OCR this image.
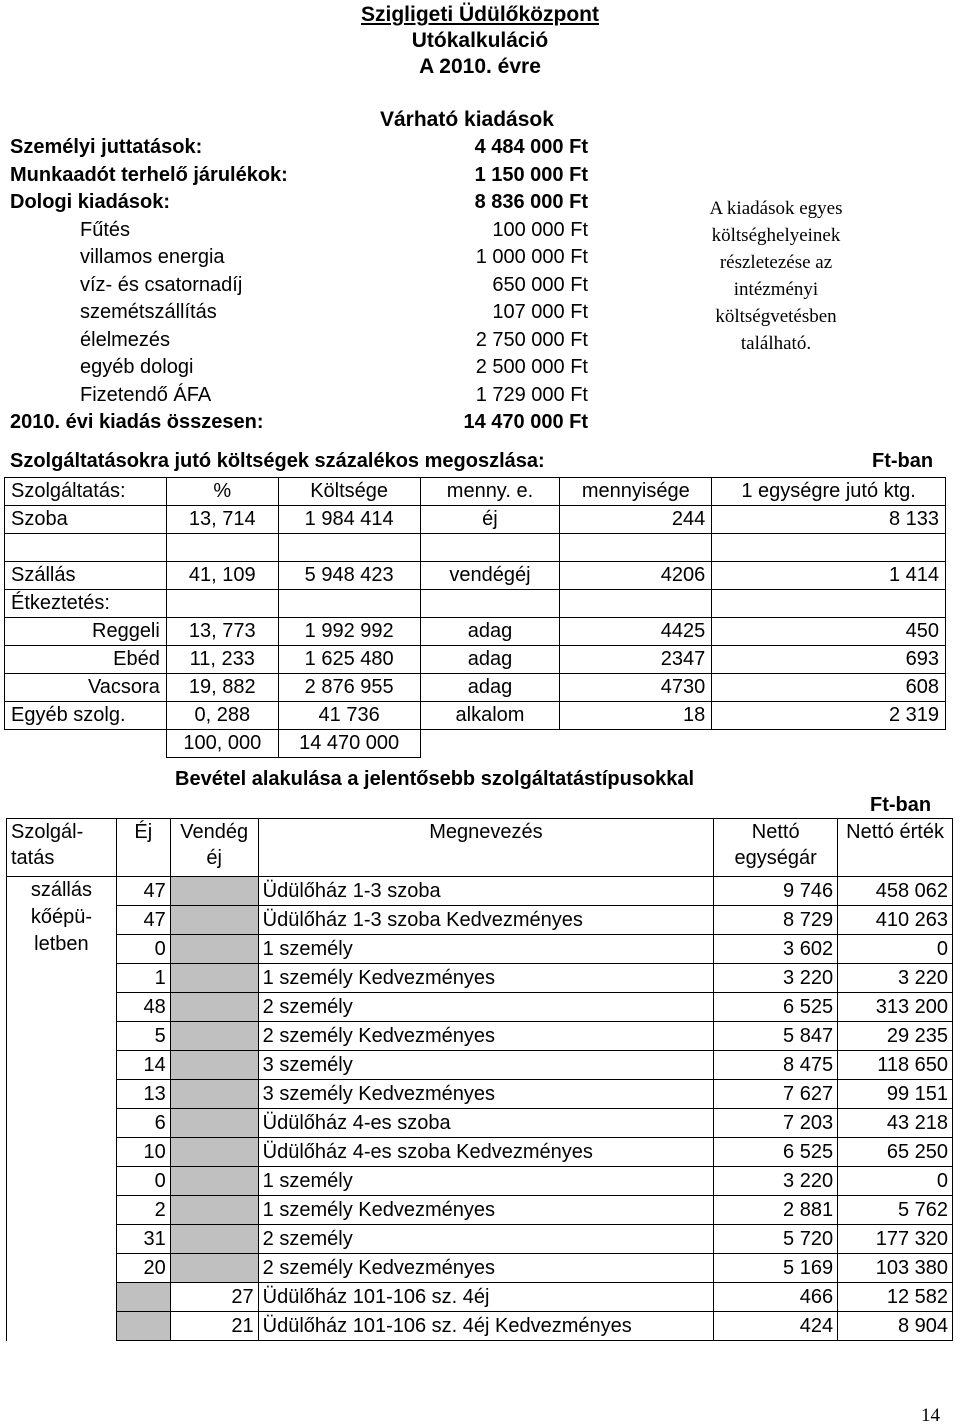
Szigligeti Üdülőközpont
Utókalkuláció
A 2010. évre
Várható kiadások
Személyi juttatások:	4 484 000 Ft
Munkaadót terhelő járulékok:	1 150 000 Ft
Dologi kiadások:	8 836 000 Ft
Fűtés	100 000 Ft
villamos energia	1 000 000 Ft
víz- és csatornadíj	650 000 Ft
szemétszállítás	107 000 Ft
élelmezés	2 750 000 Ft
egyéb dologi	2 500 000 Ft
Fizetendő ÁFA	1 729 000 Ft
2010. évi kiadás összesen:	14 470 000 Ft
A kiadások egyes
költséghelyeinek
részletezése az
intézményi
költségvetésben
található.
Szolgáltatásokra jutó költségek százalékos megoszlása:	Ft-ban
Szolgáltatás:	%	Költsége	menny. e.	mennyisége	1 egységre jutó ktg.
Szoba	13, 714	1 984 414	éj	244	8 133

Szállás	41, 109	5 948 423	vendégéj	4206	1 414
Étkeztetés:					
Reggeli	13, 773	1 992 992	adag	4425	450
Ebéd	11, 233	1 625 480	adag	2347	693
Vacsora	19, 882	2 876 955	adag	4730	608
Egyéb szolg.	0, 288	41 736	alkalom	18	2 319
	100, 000	14 470 000			
Bevétel alakulása a jelentősebb szolgáltatástípusokkal
Ft-ban
Szolgál- tatás	Éj	Vendég éj	Megnevezés	Nettó egységár	Nettó érték
szállás kőépü- letben	47		Üdülőház 1-3 szoba	9 746	458 062
	47		Üdülőház 1-3 szoba Kedvezményes	8 729	410 263
	0		1 személy	3 602	0
	1		1 személy Kedvezményes	3 220	3 220
	48		2 személy	6 525	313 200
	5		2 személy Kedvezményes	5 847	29 235
	14		3 személy	8 475	118 650
	13		3 személy Kedvezményes	7 627	99 151
	6		Üdülőház 4-es szoba	7 203	43 218
	10		Üdülőház 4-es szoba Kedvezményes	6 525	65 250
	0		1 személy	3 220	0
	2		1 személy Kedvezményes	2 881	5 762
	31		2 személy	5 720	177 320
	20		2 személy Kedvezményes	5 169	103 380
		27	Üdülőház 101-106 sz. 4éj	466	12 582
		21	Üdülőház 101-106 sz. 4éj Kedvezményes	424	8 904
14
